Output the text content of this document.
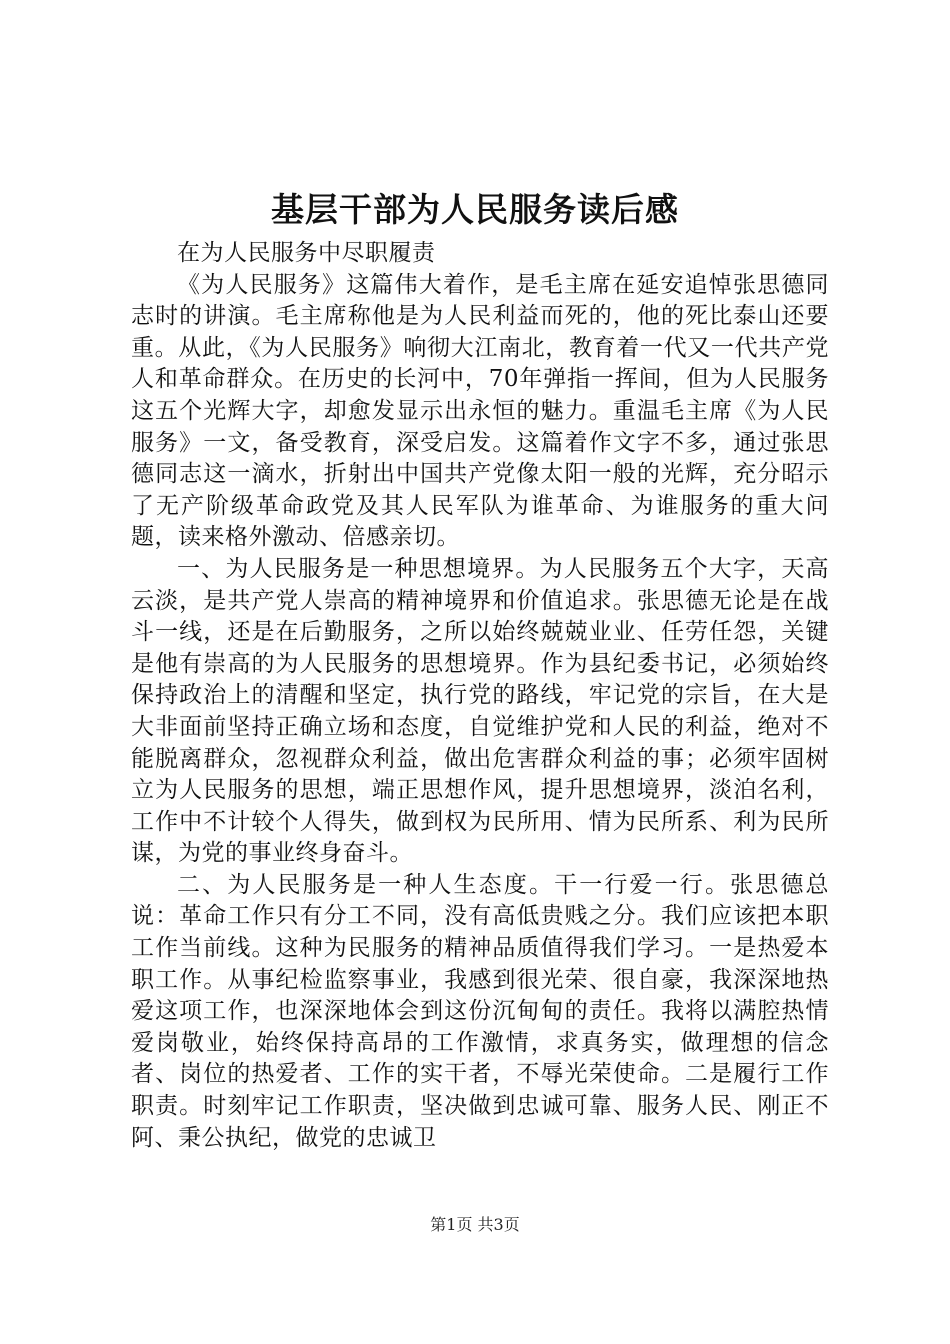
基层干部为人民服务读后感

在为人民服务中尽职履责

《为人民服务》这篇伟大着作，是毛主席在延安追悼张思德同志时的讲演。毛主席称他是为人民利益而死的，他的死比泰山还要重。从此，《为人民服务》响彻大江南北，教育着一代又一代共产党人和革命群众。在历史的长河中，70年弹指一挥间，但为人民服务这五个光辉大字，却愈发显示出永恒的魅力。重温毛主席《为人民服务》一文，备受教育，深受启发。这篇着作文字不多，通过张思德同志这一滴水，折射出中国共产党像太阳一般的光辉，充分昭示了无产阶级革命政党及其人民军队为谁革命、为谁服务的重大问题，读来格外激动、倍感亲切。

一、为人民服务是一种思想境界。为人民服务五个大字，天高云淡，是共产党人崇高的精神境界和价值追求。张思德无论是在战斗一线，还是在后勤服务，之所以始终兢兢业业、任劳任怨，关键是他有崇高的为人民服务的思想境界。作为县纪委书记，必须始终保持政治上的清醒和坚定，执行党的路线，牢记党的宗旨，在大是大非面前坚持正确立场和态度，自觉维护党和人民的利益，绝对不能脱离群众，忽视群众利益，做出危害群众利益的事；必须牢固树立为人民服务的思想，端正思想作风，提升思想境界，淡泊名利，工作中不计较个人得失，做到权为民所用、情为民所系、利为民所谋，为党的事业终身奋斗。

二、为人民服务是一种人生态度。干一行爱一行。张思德总说：革命工作只有分工不同，没有高低贵贱之分。我们应该把本职工作当前线。这种为民服务的精神品质值得我们学习。一是热爱本职工作。从事纪检监察事业，我感到很光荣、很自豪，我深深地热爱这项工作，也深深地体会到这份沉甸甸的责任。我将以满腔热情爱岗敬业，始终保持高昂的工作激情，求真务实，做理想的信念者、岗位的热爱者、工作的实干者，不辱光荣使命。二是履行工作职责。时刻牢记工作职责，坚决做到忠诚可靠、服务人民、刚正不阿、秉公执纪，做党的忠诚卫

第1页 共3页
